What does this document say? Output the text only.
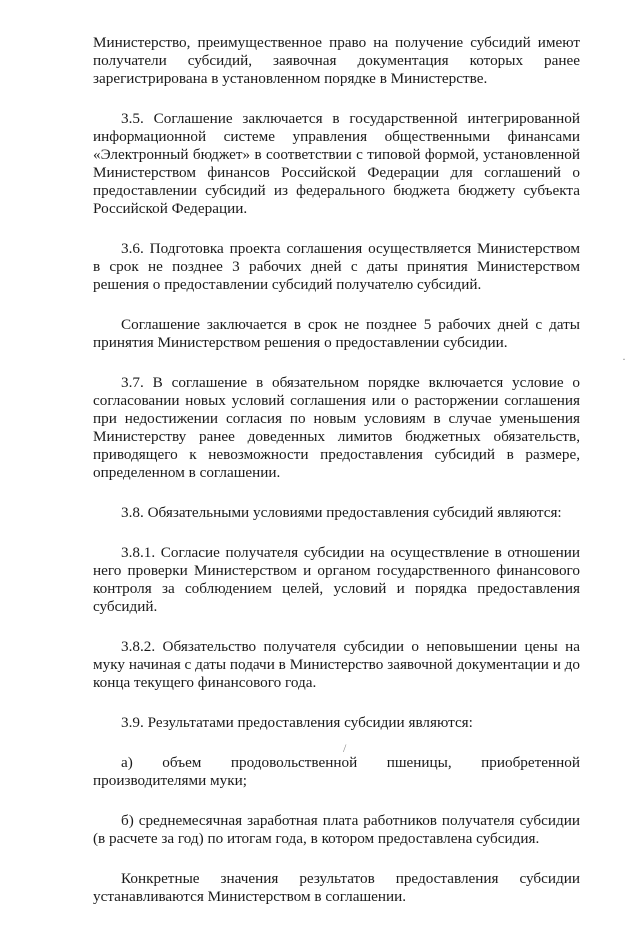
Министерство, преимущественное право на получение субсидий имеют получатели субсидий, заявочная документация которых ранее зарегистрирована в установленном порядке в Министерстве.

3.5. Соглашение заключается в государственной интегрированной информационной системе управления общественными финансами «Электронный бюджет» в соответствии с типовой формой, установленной Министерством финансов Российской Федерации для соглашений о предоставлении субсидий из федерального бюджета бюджету субъекта Российской Федерации.

3.6. Подготовка проекта соглашения осуществляется Министерством в срок не позднее 3 рабочих дней с даты принятия Министерством решения о предоставлении субсидий получателю субсидий.

Соглашение заключается в срок не позднее 5 рабочих дней с даты принятия Министерством решения о предоставлении субсидии.

3.7. В соглашение в обязательном порядке включается условие о согласовании новых условий соглашения или о расторжении соглашения при недостижении согласия по новым условиям в случае уменьшения Министерству ранее доведенных лимитов бюджетных обязательств, приводящего к невозможности предоставления субсидий в размере, определенном в соглашении.

3.8. Обязательными условиями предоставления субсидий являются:

3.8.1. Согласие получателя субсидии на осуществление в отношении него проверки Министерством и органом государственного финансового контроля за соблюдением целей, условий и порядка предоставления субсидий.

3.8.2. Обязательство получателя субсидии о неповышении цены на муку начиная с даты подачи в Министерство заявочной документации и до конца текущего финансового года.

3.9. Результатами предоставления субсидии являются:

а) объем продовольственной пшеницы, приобретенной производителями муки;

б) среднемесячная заработная плата работников получателя субсидии (в расчете за год) по итогам года, в котором предоставлена субсидия.

Конкретные значения результатов предоставления субсидии устанавливаются Министерством в соглашении.

/
·
